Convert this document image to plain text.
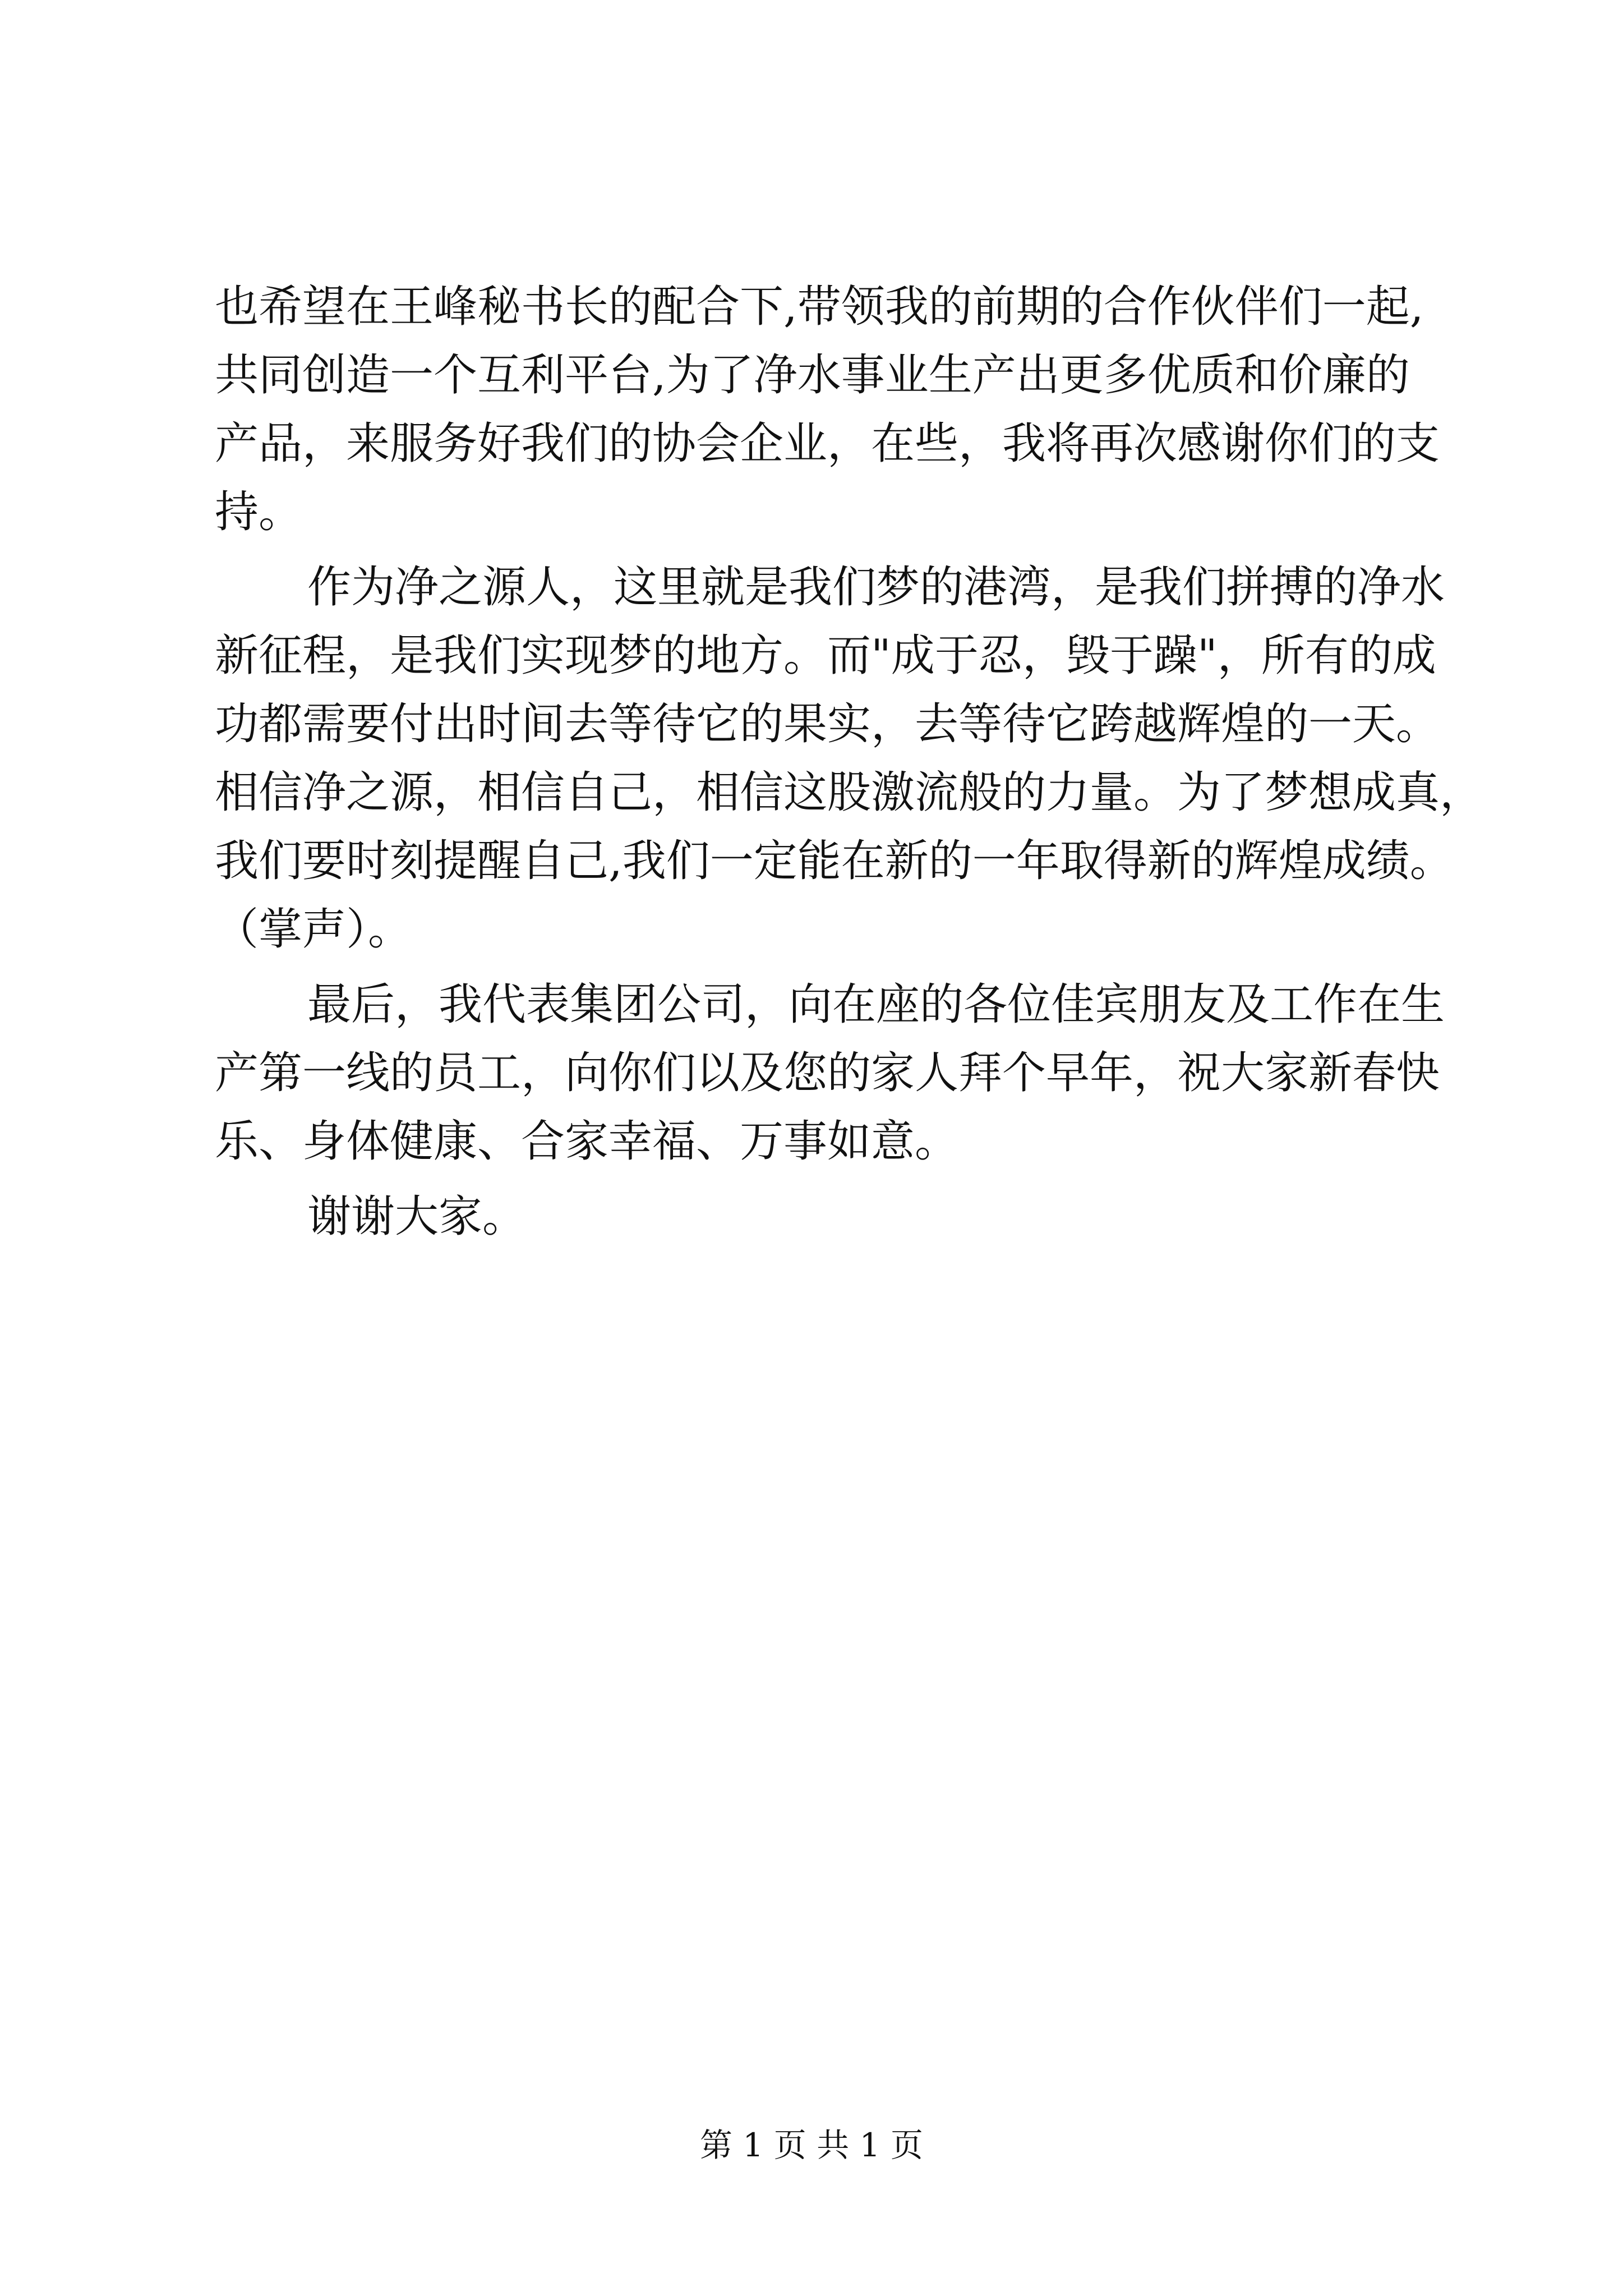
也希望在王峰秘书长的配合下,带领我的前期的合作伙伴们一起,
共同创造一个互利平台,为了净水事业生产出更多优质和价廉的
产品，来服务好我们的协会企业，在些，我将再次感谢你们的支
持。
作为净之源人，这里就是我们梦的港湾，是我们拼搏的净水
新征程，是我们实现梦的地方。而"成于忍，毁于躁"，所有的成
功都需要付出时间去等待它的果实，去等待它跨越辉煌的一天。
相信净之源，相信自己，相信这股激流般的力量。为了梦想成真，
我们要时刻提醒自己,我们一定能在新的一年取得新的辉煌成绩。
（掌声）。
最后，我代表集团公司，向在座的各位佳宾朋友及工作在生
产第一线的员工，向你们以及您的家人拜个早年，祝大家新春快
乐、身体健康、合家幸福、万事如意。
谢谢大家。
第 1 页 共 1 页
